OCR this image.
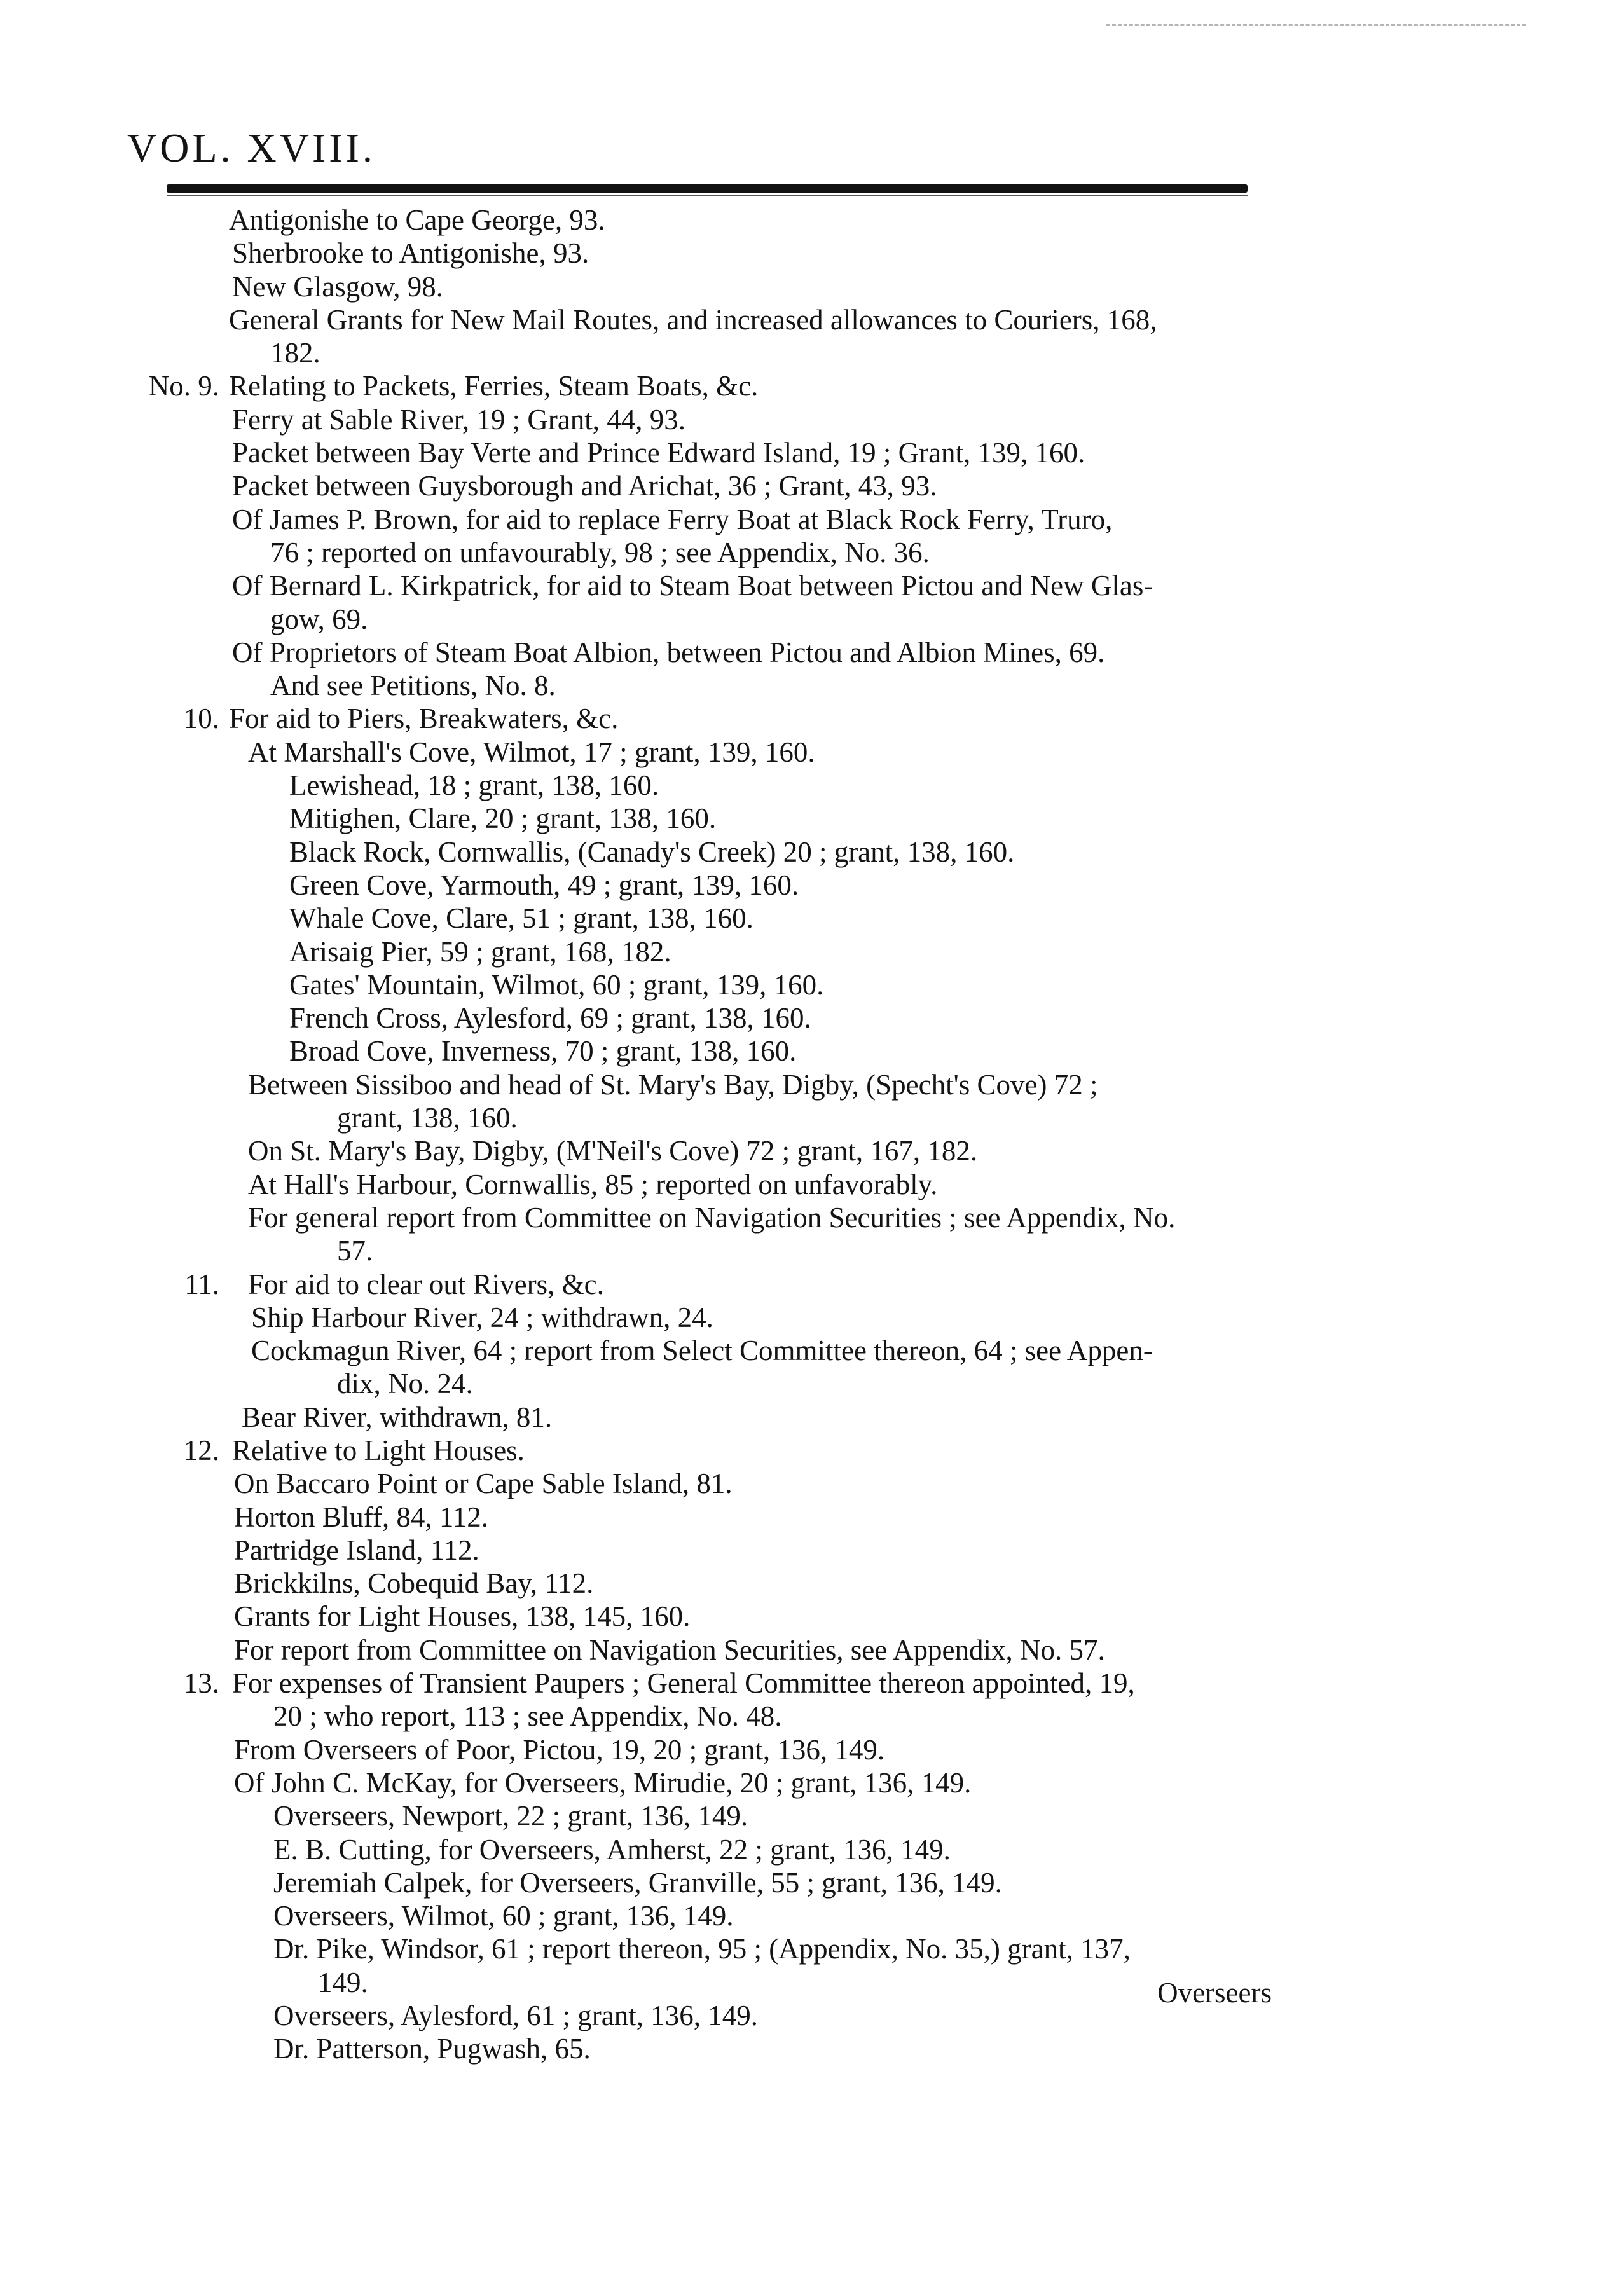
VOL. XVIII.
Antigonishe to Cape George, 93.
Sherbrooke to Antigonishe, 93.
New Glasgow, 98.
General Grants for New Mail Routes, and increased allowances to Couriers, 168,
182.
No. 9. Relating to Packets, Ferries, Steam Boats, &c.
Ferry at Sable River, 19 ; Grant, 44, 93.
Packet between Bay Verte and Prince Edward Island, 19 ; Grant, 139, 160.
Packet between Guysborough and Arichat, 36 ; Grant, 43, 93.
Of James P. Brown, for aid to replace Ferry Boat at Black Rock Ferry, Truro,
76 ; reported on unfavourably, 98 ; see Appendix, No. 36.
Of Bernard L. Kirkpatrick, for aid to Steam Boat between Pictou and New Glas-
gow, 69.
Of Proprietors of Steam Boat Albion, between Pictou and Albion Mines, 69.
And see Petitions, No. 8.
10. For aid to Piers, Breakwaters, &c.
At Marshall's Cove, Wilmot, 17 ; grant, 139, 160.
Lewishead, 18 ; grant, 138, 160.
Mitighen, Clare, 20 ; grant, 138, 160.
Black Rock, Cornwallis, (Canady's Creek) 20 ; grant, 138, 160.
Green Cove, Yarmouth, 49 ; grant, 139, 160.
Whale Cove, Clare, 51 ; grant, 138, 160.
Arisaig Pier, 59 ; grant, 168, 182.
Gates' Mountain, Wilmot, 60 ; grant, 139, 160.
French Cross, Aylesford, 69 ; grant, 138, 160.
Broad Cove, Inverness, 70 ; grant, 138, 160.
Between Sissiboo and head of St. Mary's Bay, Digby, (Specht's Cove) 72 ;
grant, 138, 160.
On St. Mary's Bay, Digby, (M'Neil's Cove) 72 ; grant, 167, 182.
At Hall's Harbour, Cornwallis, 85 ; reported on unfavorably.
For general report from Committee on Navigation Securities ; see Appendix, No.
57.
11. For aid to clear out Rivers, &c.
Ship Harbour River, 24 ; withdrawn, 24.
Cockmagun River, 64 ; report from Select Committee thereon, 64 ; see Appen-
dix, No. 24.
Bear River, withdrawn, 81.
12. Relative to Light Houses.
On Baccaro Point or Cape Sable Island, 81.
Horton Bluff, 84, 112.
Partridge Island, 112.
Brickkilns, Cobequid Bay, 112.
Grants for Light Houses, 138, 145, 160.
For report from Committee on Navigation Securities, see Appendix, No. 57.
13. For expenses of Transient Paupers ; General Committee thereon appointed, 19,
20 ; who report, 113 ; see Appendix, No. 48.
From Overseers of Poor, Pictou, 19, 20 ; grant, 136, 149.
Of John C. McKay, for Overseers, Mirudie, 20 ; grant, 136, 149.
Overseers, Newport, 22 ; grant, 136, 149.
E. B. Cutting, for Overseers, Amherst, 22 ; grant, 136, 149.
Jeremiah Calpek, for Overseers, Granville, 55 ; grant, 136, 149.
Overseers, Wilmot, 60 ; grant, 136, 149.
Dr. Pike, Windsor, 61 ; report thereon, 95 ; (Appendix, No. 35,) grant, 137,
149.
Overseers, Aylesford, 61 ; grant, 136, 149.
Dr. Patterson, Pugwash, 65.
Overseers
